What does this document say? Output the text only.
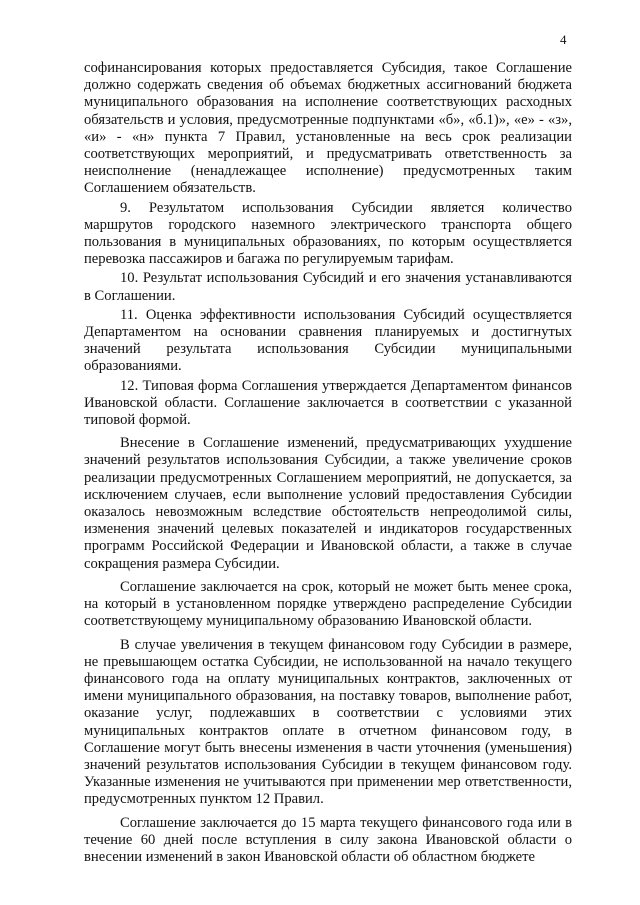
4

софинансирования которых предоставляется Субсидия, такое Соглашение должно содержать сведения об объемах бюджетных ассигнований бюджета муниципального образования на исполнение соответствующих расходных обязательств и условия, предусмотренные подпунктами «б», «б.1)», «е» - «з», «и» - «н» пункта 7 Правил, установленные на весь срок реализации соответствующих мероприятий, и предусматривать ответственность за неисполнение (ненадлежащее исполнение) предусмотренных таким Соглашением обязательств.

9. Результатом использования Субсидии является количество маршрутов городского наземного электрического транспорта общего пользования в муниципальных образованиях, по которым осуществляется перевозка пассажиров и багажа по регулируемым тарифам.

10. Результат использования Субсидий и его значения устанавливаются в Соглашении.

11. Оценка эффективности использования Субсидий осуществляется Департаментом на основании сравнения планируемых и достигнутых значений результата использования Субсидии муниципальными образованиями.

12. Типовая форма Соглашения утверждается Департаментом финансов Ивановской области. Соглашение заключается в соответствии с указанной типовой формой.

Внесение в Соглашение изменений, предусматривающих ухудшение значений результатов использования Субсидии, а также увеличение сроков реализации предусмотренных Соглашением мероприятий, не допускается, за исключением случаев, если выполнение условий предоставления Субсидии оказалось невозможным вследствие обстоятельств непреодолимой силы, изменения значений целевых показателей и индикаторов государственных программ Российской Федерации и Ивановской области, а также в случае сокращения размера Субсидии.

Соглашение заключается на срок, который не может быть менее срока, на который в установленном порядке утверждено распределение Субсидии соответствующему муниципальному образованию Ивановской области.

В случае увеличения в текущем финансовом году Субсидии в размере, не превышающем остатка Субсидии, не использованной на начало текущего финансового года на оплату муниципальных контрактов, заключенных от имени муниципального образования, на поставку товаров, выполнение работ, оказание услуг, подлежавших в соответствии с условиями этих муниципальных контрактов оплате в отчетном финансовом году, в Соглашение могут быть внесены изменения в части уточнения (уменьшения) значений результатов использования Субсидии в текущем финансовом году. Указанные изменения не учитываются при применении мер ответственности, предусмотренных пунктом 12 Правил.

Соглашение заключается до 15 марта текущего финансового года или в течение 60 дней после вступления в силу закона Ивановской области о внесении изменений в закон Ивановской области об областном бюджете
